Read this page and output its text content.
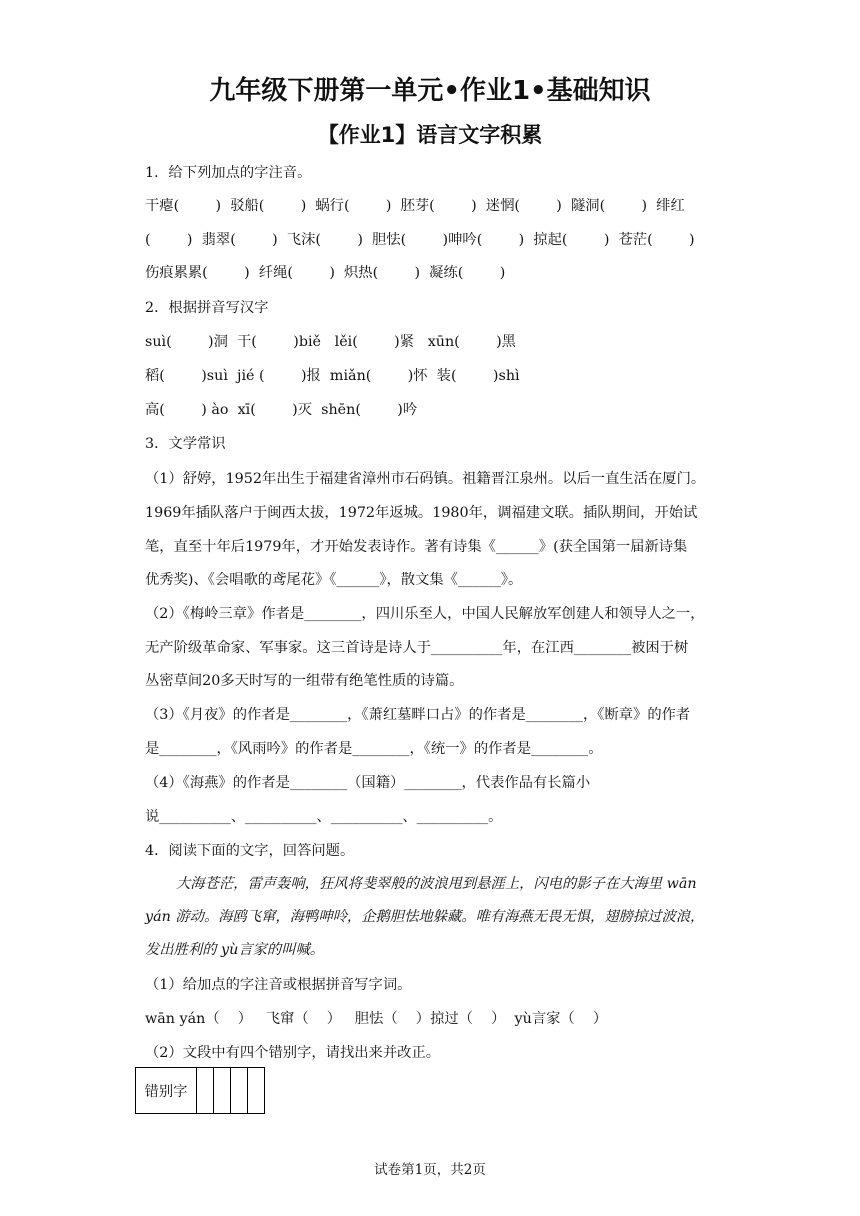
九年级下册第一单元•作业1•基础知识
【作业1】语言文字积累
1．给下列加点的字注音。
干瘪(        )  驳船(        )  蜗行(        )  胚芽(        )  迷惘(        )  隧洞(        )  绯红
(        )  翡翠(        )  飞沫(        )  胆怯(        )呻吟(        )  掠起(        )  苍茫(        )
伤痕累累(        )  纤绳(        )  炽热(        )  凝练(        )
2．根据拼音写汉字
suì(        )洞  干(        )biě   lěi(        )紧   xūn(        )黑
稻(        )suì  jié (        )报  miǎn(        )怀  装(        )shì
高(        ) ào  xī(        )灭  shēn(        )吟
3．文学常识
（1）舒婷，1952年出生于福建省漳州市石码镇。祖籍晋江泉州。以后一直生活在厦门。
1969年插队落户于闽西太拔，1972年返城。1980年，调福建文联。插队期间，开始试
笔，直至十年后1979年，才开始发表诗作。著有诗集《______》(获全国第一届新诗集
优秀奖)、《会唱歌的鸢尾花》《______》，散文集《______》。
（2）《梅岭三章》作者是________，四川乐至人，中国人民解放军创建人和领导人之一，
无产阶级革命家、军事家。这三首诗是诗人于__________年，在江西________被困于树
丛密草间20多天时写的一组带有绝笔性质的诗篇。
（3）《月夜》的作者是________，《萧红墓畔口占》的作者是________，《断章》的作者
是________，《风雨吟》的作者是________，《统一》的作者是________。
（4）《海燕》的作者是________（国籍）________，代表作品有长篇小
说__________、__________、__________、__________。
4．阅读下面的文字，回答问题。
大海苍茫，雷声轰响，狂风将斐翠般的波浪甩到悬涯上，闪电的影子在大海里 wān
yán 游动。海鸥飞窜，海鸭呻呤，企鹅胆怯地躲藏。唯有海燕无畏无惧，翅膀掠过波浪，
发出胜利的 yù言家的叫喊。
（1）给加点的字注音或根据拼音写字词。
wān yán（    ）   飞窜（    ）   胆怯（    ）掠过（    ）  yù言家（    ）
（2）文段中有四个错别字，请找出来并改正。
错别字				
试卷第1页，共2页
